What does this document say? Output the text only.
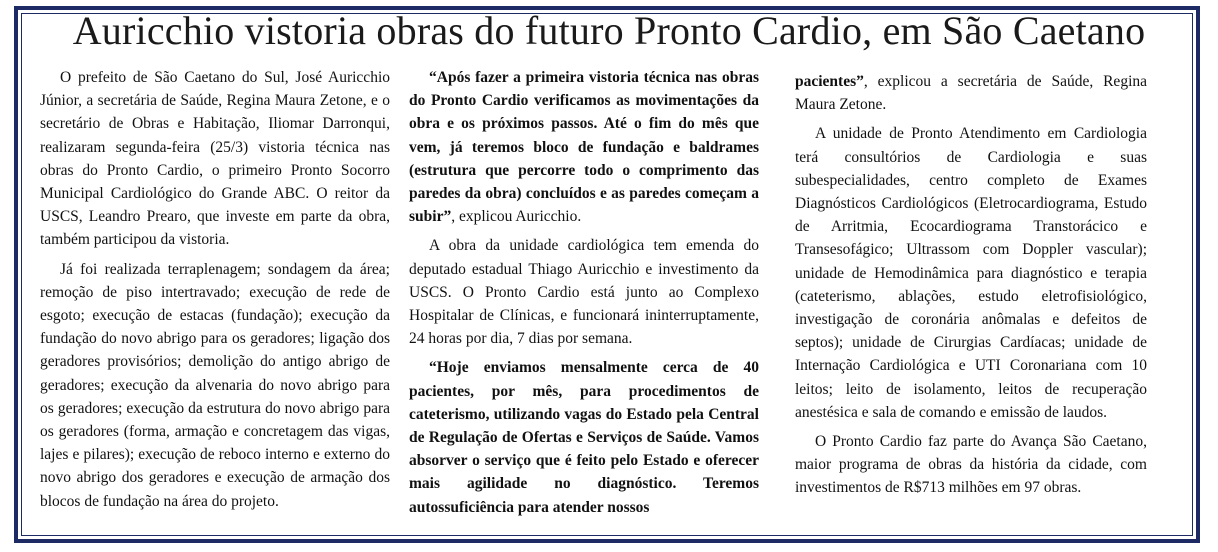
Auricchio vistoria obras do futuro Pronto Cardio, em São Caetano

O prefeito de São Caetano do Sul, José Auricchio Júnior, a secretária de Saúde, Regina Maura Zetone, e o secretário de Obras e Habitação, Iliomar Darronqui, realizaram segunda-feira (25/3) vistoria técnica nas obras do Pronto Cardio, o primeiro Pronto Socorro Municipal Cardiológico do Grande ABC. O reitor da USCS, Leandro Prearo, que investe em parte da obra, também participou da vistoria.

Já foi realizada terraplenagem; sondagem da área; remoção de piso intertravado; execução de rede de esgoto; execução de estacas (fundação); execução da fundação do novo abrigo para os geradores; ligação dos geradores provisórios; demolição do antigo abrigo de geradores; execução da alvenaria do novo abrigo para os geradores; execução da estrutura do novo abrigo para os geradores (forma, armação e concretagem das vigas, lajes e pilares); execução de reboco interno e externo do novo abrigo dos geradores e execução de armação dos blocos de fundação na área do projeto.

“Após fazer a primeira vistoria técnica nas obras do Pronto Cardio verificamos as movimentações da obra e os próximos passos. Até o fim do mês que vem, já teremos bloco de fundação e baldrames (estrutura que percorre todo o comprimento das paredes da obra) concluídos e as paredes começam a subir”, explicou Auricchio.

A obra da unidade cardiológica tem emenda do deputado estadual Thiago Auricchio e investimento da USCS. O Pronto Cardio está junto ao Complexo Hospitalar de Clínicas, e funcionará ininterruptamente, 24 horas por dia, 7 dias por semana.

“Hoje enviamos mensalmente cerca de 40 pacientes, por mês, para procedimentos de cateterismo, utilizando vagas do Estado pela Central de Regulação de Ofertas e Serviços de Saúde. Vamos absorver o serviço que é feito pelo Estado e oferecer mais agilidade no diagnóstico. Teremos autossuficiência para atender nossos

pacientes”, explicou a secretária de Saúde, Regina Maura Zetone.

A unidade de Pronto Atendimento em Cardiologia terá consultórios de Cardiologia e suas subespecialidades, centro completo de Exames Diagnósticos Cardiológicos (Eletrocardiograma, Estudo de Arritmia, Ecocardiograma Transtorácico e Transesofágico; Ultrassom com Doppler vascular); unidade de Hemodinâmica para diagnóstico e terapia (cateterismo, ablações, estudo eletrofisiológico, investigação de coronária anômalas e defeitos de septos); unidade de Cirurgias Cardíacas; unidade de Internação Cardiológica e UTI Coronariana com 10 leitos; leito de isolamento, leitos de recuperação anestésica e sala de comando e emissão de laudos.

O Pronto Cardio faz parte do Avança São Caetano, maior programa de obras da história da cidade, com investimentos de R$713 milhões em 97 obras.
